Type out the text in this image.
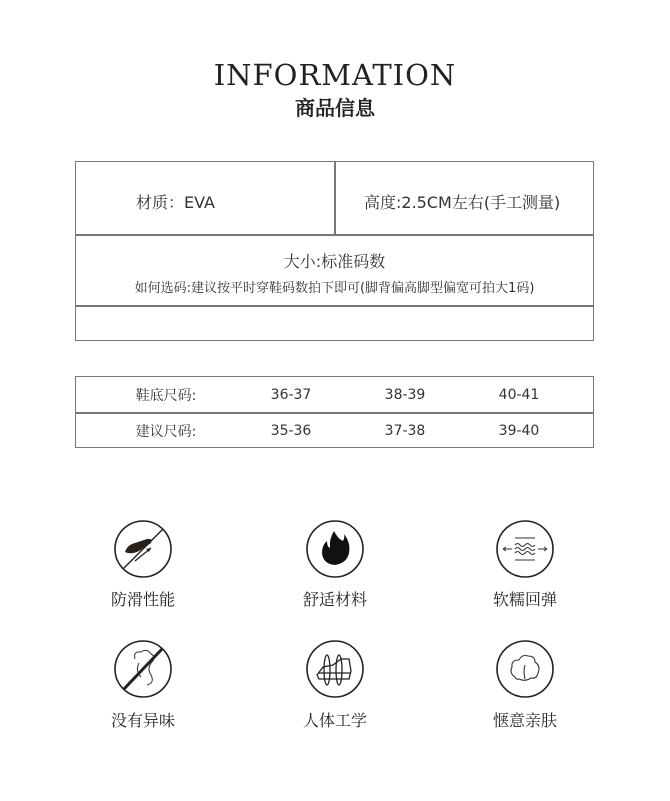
INFORMATION
商品信息
材质：EVA	高度:2.5CM左右(手工测量)
大小:标准码数
如何选码:建议按平时穿鞋码数拍下即可(脚背偏高脚型偏宽可拍大1码)
鞋底尺码:	36-37	38-39	40-41
建议尺码:	35-36	37-38	39-40
防滑性能	舒适材料	软糯回弹
没有异味	人体工学	惬意亲肤
